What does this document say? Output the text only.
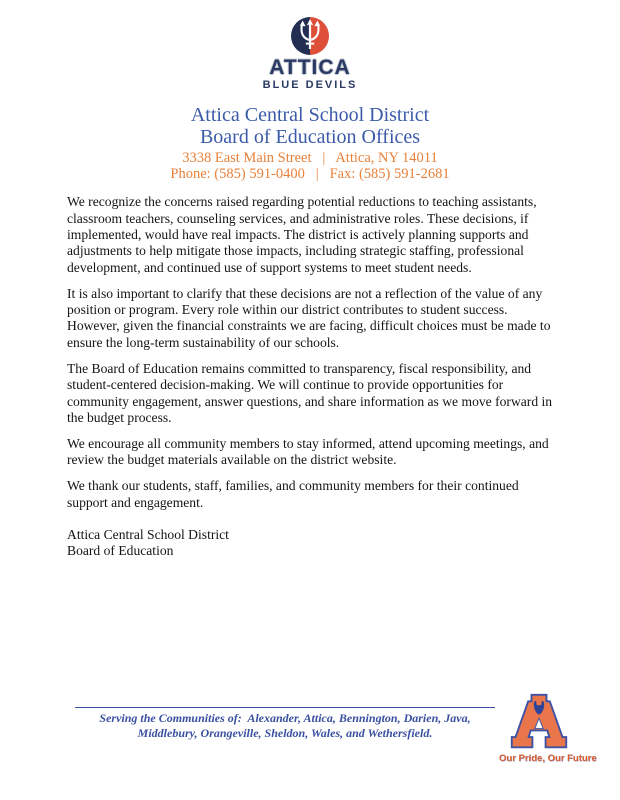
ATTICA
BLUE DEVILS
Attica Central School District
Board of Education Offices
3338 East Main Street   |   Attica, NY 14011
Phone: (585) 591-0400   |   Fax: (585) 591-2681

We recognize the concerns raised regarding potential reductions to teaching assistants, classroom teachers, counseling services, and administrative roles. These decisions, if implemented, would have real impacts. The district is actively planning supports and adjustments to help mitigate those impacts, including strategic staffing, professional development, and continued use of support systems to meet student needs.

It is also important to clarify that these decisions are not a reflection of the value of any position or program. Every role within our district contributes to student success. However, given the financial constraints we are facing, difficult choices must be made to ensure the long-term sustainability of our schools.

The Board of Education remains committed to transparency, fiscal responsibility, and student-centered decision-making. We will continue to provide opportunities for community engagement, answer questions, and share information as we move forward in the budget process.

We encourage all community members to stay informed, attend upcoming meetings, and review the budget materials available on the district website.

We thank our students, staff, families, and community members for their continued support and engagement.

Attica Central School District
Board of Education
Serving the Communities of:  Alexander, Attica, Bennington, Darien, Java,
Middlebury, Orangeville, Sheldon, Wales, and Wethersfield.
Our Pride, Our Future
